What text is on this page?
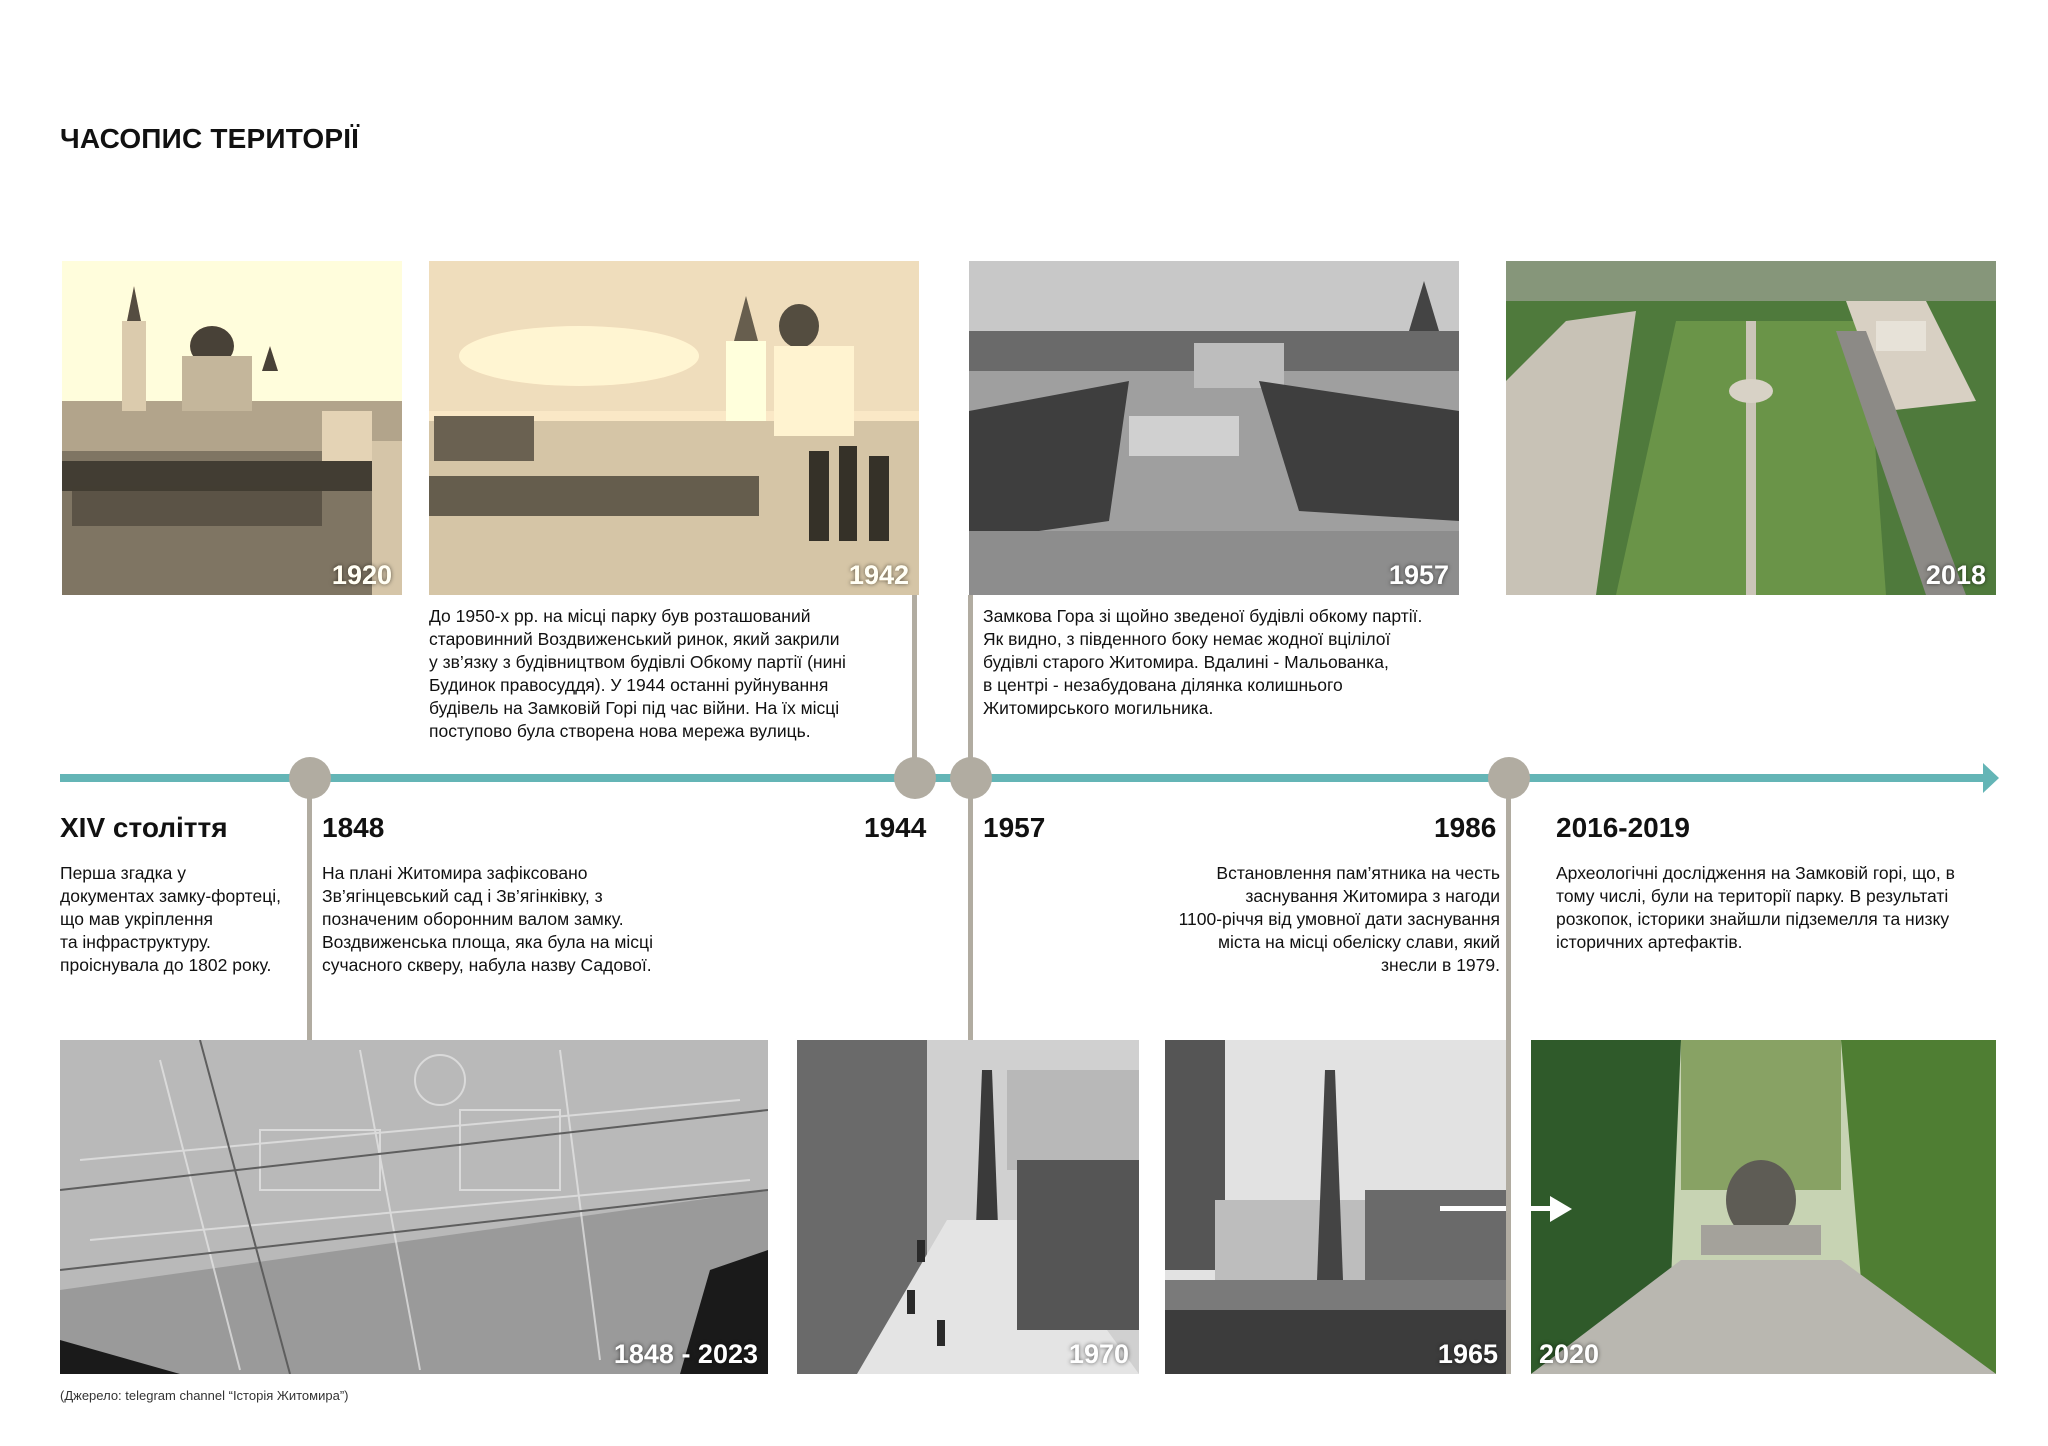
ЧАСОПИС ТЕРИТОРІЇ
1920	1942	1957	2018
1848 - 2023	1970	1965 2020
XIV століття	1848	1944 1957	1986 2016-2019
Перша згадка у
документах замку-фортеці,
що мав укріплення
та інфраструктуру.
проіснувала до 1802 року.
На плані Житомира зафіксовано
Зв’ягінцевський сад і Зв’ягінківку, з
позначеним оборонним валом замку.
Воздвиженська площа, яка була на місці
сучасного скверу, набула назву Садової.
До 1950-х рр. на місці парку був розташований
старовинний Воздвиженський ринок, який закрили
у зв’язку з будівництвом будівлі Обкому партії (нині
Будинок правосуддя). У 1944 останні руйнування
будівель на Замковій Горі під час війни. На їх місці
поступово була створена нова мережа вулиць.
Замкова Гора зі щойно зведеної будівлі обкому партії.
Як видно, з південного боку немає жодної вцілілої
будівлі старого Житомира. Вдалині - Мальованка,
в центрі - незабудована ділянка колишнього
Житомирського могильника.
Встановлення пам’ятника на честь
заснування Житомира з нагоди
1100-річчя від умовної дати заснування
міста на місці обеліску слави, який
знесли в 1979.
Археологічні дослідження на Замковій горі, що, в
тому числі, були на території парку. В результаті
розкопок, історики знайшли підземелля та низку
історичних артефактів.
(Джерело: telegram channel “Історія Житомира”)
